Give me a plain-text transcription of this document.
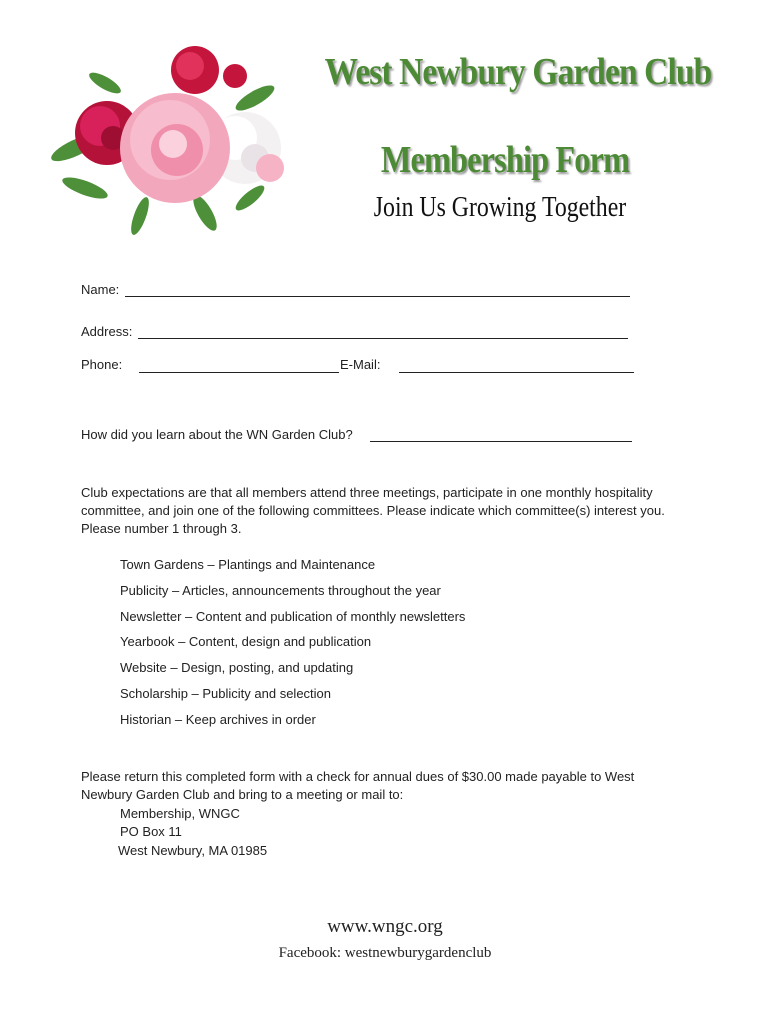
West Newbury Garden Club
Membership Form
Join Us Growing Together
Name:
Address:
Phone:	E-Mail:
How did you learn about the WN Garden Club?
Club expectations are that all members attend three meetings, participate in one monthly hospitality committee, and join one of the following committees. Please indicate which committee(s) interest you. Please number 1 through 3.
Town Gardens – Plantings and Maintenance
Publicity – Articles, announcements throughout the year
Newsletter – Content and publication of monthly newsletters
Yearbook – Content, design and publication
Website – Design, posting, and updating
Scholarship – Publicity and selection
Historian – Keep archives in order
Please return this completed form with a check for annual dues of $30.00 made payable to West Newbury Garden Club and bring to a meeting or mail to:
Membership, WNGC
PO Box 11
West Newbury, MA 01985
www.wngc.org
Facebook: westnewburygardenclub
